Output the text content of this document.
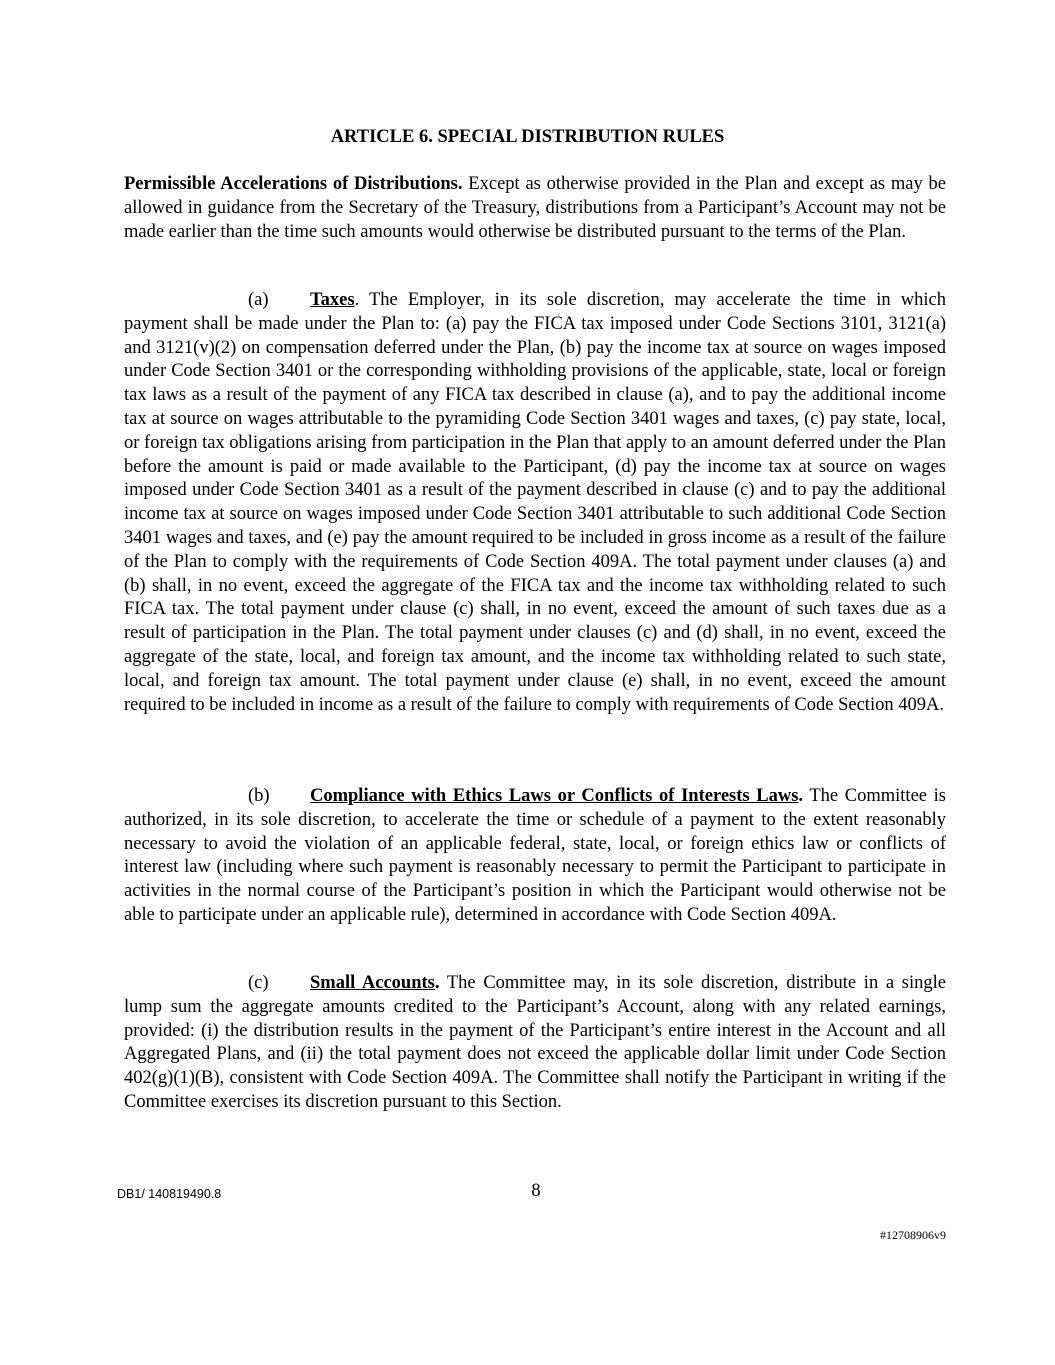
ARTICLE 6. SPECIAL DISTRIBUTION RULES

Permissible Accelerations of Distributions. Except as otherwise provided in the Plan and except as may be allowed in guidance from the Secretary of the Treasury, distributions from a Participant’s Account may not be made earlier than the time such amounts would otherwise be distributed pursuant to the terms of the Plan.

(a) Taxes. The Employer, in its sole discretion, may accelerate the time in which payment shall be made under the Plan to: (a) pay the FICA tax imposed under Code Sections 3101, 3121(a) and 3121(v)(2) on compensation deferred under the Plan, (b) pay the income tax at source on wages imposed under Code Section 3401 or the corresponding withholding provisions of the applicable, state, local or foreign tax laws as a result of the payment of any FICA tax described in clause (a), and to pay the additional income tax at source on wages attributable to the pyramiding Code Section 3401 wages and taxes, (c) pay state, local, or foreign tax obligations arising from participation in the Plan that apply to an amount deferred under the Plan before the amount is paid or made available to the Participant, (d) pay the income tax at source on wages imposed under Code Section 3401 as a result of the payment described in clause (c) and to pay the additional income tax at source on wages imposed under Code Section 3401 attributable to such additional Code Section 3401 wages and taxes, and (e) pay the amount required to be included in gross income as a result of the failure of the Plan to comply with the requirements of Code Section 409A. The total payment under clauses (a) and (b) shall, in no event, exceed the aggregate of the FICA tax and the income tax withholding related to such FICA tax. The total payment under clause (c) shall, in no event, exceed the amount of such taxes due as a result of participation in the Plan. The total payment under clauses (c) and (d) shall, in no event, exceed the aggregate of the state, local, and foreign tax amount, and the income tax withholding related to such state, local, and foreign tax amount. The total payment under clause (e) shall, in no event, exceed the amount required to be included in income as a result of the failure to comply with requirements of Code Section 409A.

(b) Compliance with Ethics Laws or Conflicts of Interests Laws. The Committee is authorized, in its sole discretion, to accelerate the time or schedule of a payment to the extent reasonably necessary to avoid the violation of an applicable federal, state, local, or foreign ethics law or conflicts of interest law (including where such payment is reasonably necessary to permit the Participant to participate in activities in the normal course of the Participant’s position in which the Participant would otherwise not be able to participate under an applicable rule), determined in accordance with Code Section 409A.

(c) Small Accounts. The Committee may, in its sole discretion, distribute in a single lump sum the aggregate amounts credited to the Participant’s Account, along with any related earnings, provided: (i) the distribution results in the payment of the Participant’s entire interest in the Account and all Aggregated Plans, and (ii) the total payment does not exceed the applicable dollar limit under Code Section 402(g)(1)(B), consistent with Code Section 409A. The Committee shall notify the Participant in writing if the Committee exercises its discretion pursuant to this Section.

DB1/ 140819490.8	8

#12708906v9
